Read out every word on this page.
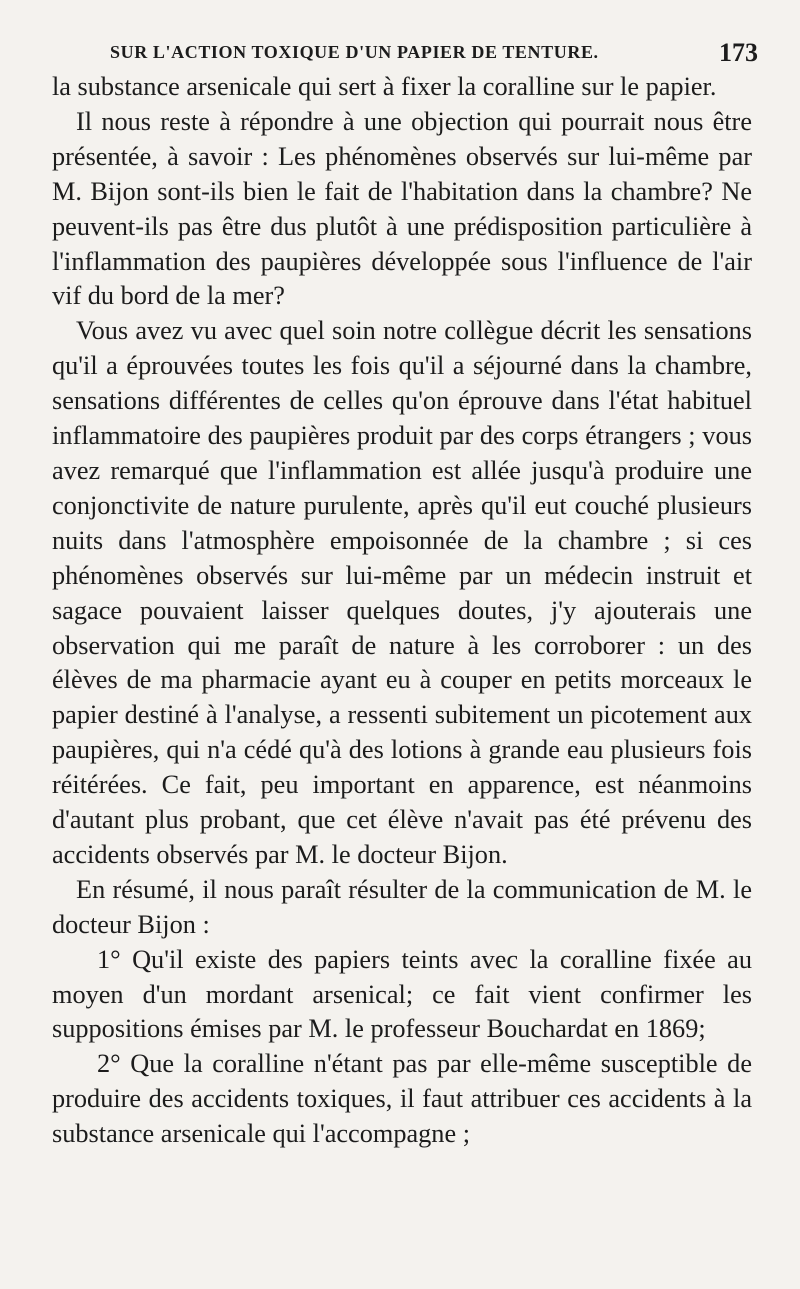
SUR L'ACTION TOXIQUE D'UN PAPIER DE TENTURE.	173

la substance arsenicale qui sert à fixer la coralline sur le papier.

Il nous reste à répondre à une objection qui pourrait nous être présentée, à savoir : Les phénomènes observés sur lui-même par M. Bijon sont-ils bien le fait de l'habitation dans la chambre? Ne peuvent-ils pas être dus plutôt à une prédisposition particulière à l'inflammation des paupières développée sous l'influence de l'air vif du bord de la mer?

Vous avez vu avec quel soin notre collègue décrit les sensations qu'il a éprouvées toutes les fois qu'il a séjourné dans la chambre, sensations différentes de celles qu'on éprouve dans l'état habituel inflammatoire des paupières produit par des corps étrangers ; vous avez remarqué que l'inflammation est allée jusqu'à produire une conjonctivite de nature purulente, après qu'il eut couché plusieurs nuits dans l'atmosphère empoisonnée de la chambre ; si ces phénomènes observés sur lui-même par un médecin instruit et sagace pouvaient laisser quelques doutes, j'y ajouterais une observation qui me paraît de nature à les corroborer : un des élèves de ma pharmacie ayant eu à couper en petits morceaux le papier destiné à l'analyse, a ressenti subitement un picotement aux paupières, qui n'a cédé qu'à des lotions à grande eau plusieurs fois réitérées. Ce fait, peu important en apparence, est néanmoins d'autant plus probant, que cet élève n'avait pas été prévenu des accidents observés par M. le docteur Bijon.

En résumé, il nous paraît résulter de la communication de M. le docteur Bijon :

1° Qu'il existe des papiers teints avec la coralline fixée au moyen d'un mordant arsenical; ce fait vient confirmer les suppositions émises par M. le professeur Bouchardat en 1869;

2° Que la coralline n'étant pas par elle-même susceptible de produire des accidents toxiques, il faut attribuer ces accidents à la substance arsenicale qui l'accompagne ;
